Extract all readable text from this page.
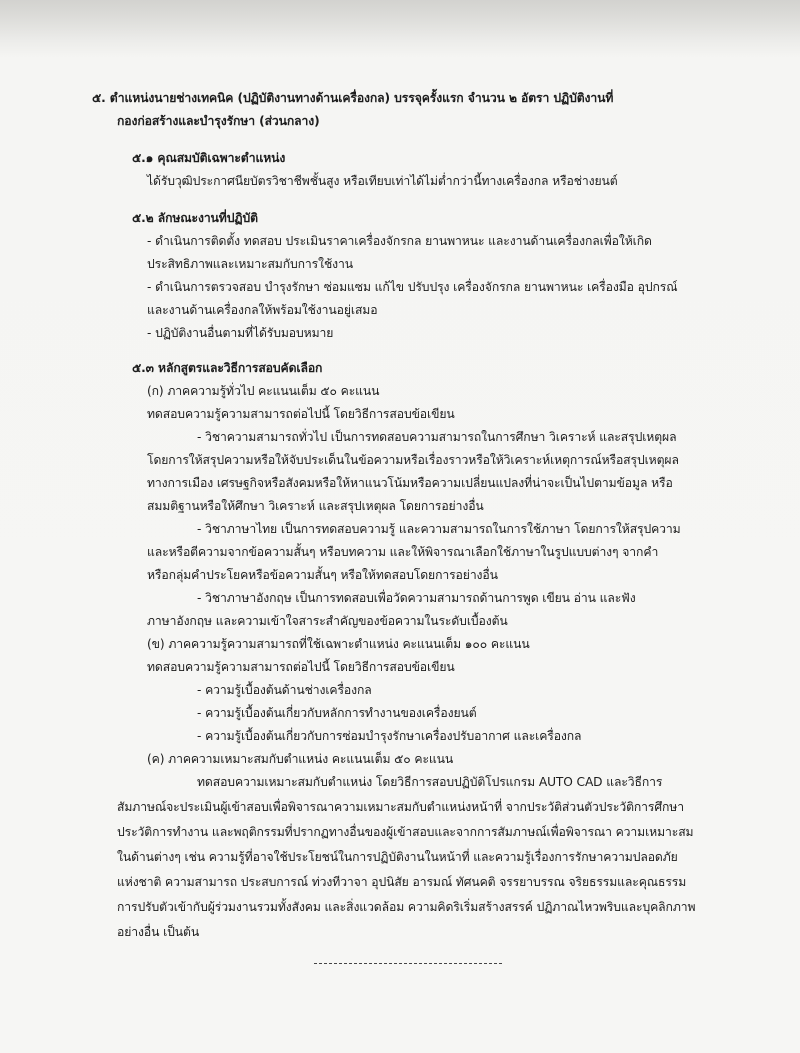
๕. ตำแหน่งนายช่างเทคนิค (ปฏิบัติงานทางด้านเครื่องกล) บรรจุครั้งแรก จำนวน ๒ อัตรา ปฏิบัติงานที่
กองก่อสร้างและบำรุงรักษา (ส่วนกลาง)
๕.๑ คุณสมบัติเฉพาะตำแหน่ง
ได้รับวุฒิประกาศนียบัตรวิชาชีพชั้นสูง หรือเทียบเท่าได้ไม่ต่ำกว่านี้ทางเครื่องกล หรือช่างยนต์
๕.๒ ลักษณะงานที่ปฏิบัติ
- ดำเนินการติดตั้ง ทดสอบ ประเมินราคาเครื่องจักรกล ยานพาหนะ และงานด้านเครื่องกลเพื่อให้เกิด
ประสิทธิภาพและเหมาะสมกับการใช้งาน
- ดำเนินการตรวจสอบ บำรุงรักษา ซ่อมแซม แก้ไข ปรับปรุง เครื่องจักรกล ยานพาหนะ เครื่องมือ อุปกรณ์
และงานด้านเครื่องกลให้พร้อมใช้งานอยู่เสมอ
- ปฏิบัติงานอื่นตามที่ได้รับมอบหมาย
๕.๓ หลักสูตรและวิธีการสอบคัดเลือก
(ก) ภาคความรู้ทั่วไป คะแนนเต็ม ๕๐ คะแนน
ทดสอบความรู้ความสามารถต่อไปนี้ โดยวิธีการสอบข้อเขียน
- วิชาความสามารถทั่วไป เป็นการทดสอบความสามารถในการศึกษา วิเคราะห์ และสรุปเหตุผล
โดยการให้สรุปความหรือให้จับประเด็นในข้อความหรือเรื่องราวหรือให้วิเคราะห์เหตุการณ์หรือสรุปเหตุผล
ทางการเมือง เศรษฐกิจหรือสังคมหรือให้หาแนวโน้มหรือความเปลี่ยนแปลงที่น่าจะเป็นไปตามข้อมูล หรือ
สมมติฐานหรือให้ศึกษา วิเคราะห์ และสรุปเหตุผล โดยการอย่างอื่น
- วิชาภาษาไทย เป็นการทดสอบความรู้ และความสามารถในการใช้ภาษา โดยการให้สรุปความ
และหรือตีความจากข้อความสั้นๆ หรือบทความ และให้พิจารณาเลือกใช้ภาษาในรูปแบบต่างๆ จากคำ
หรือกลุ่มคำประโยคหรือข้อความสั้นๆ หรือให้ทดสอบโดยการอย่างอื่น
- วิชาภาษาอังกฤษ เป็นการทดสอบเพื่อวัดความสามารถด้านการพูด เขียน อ่าน และฟัง
ภาษาอังกฤษ และความเข้าใจสาระสำคัญของข้อความในระดับเบื้องต้น
(ข) ภาคความรู้ความสามารถที่ใช้เฉพาะตำแหน่ง คะแนนเต็ม ๑๐๐ คะแนน
ทดสอบความรู้ความสามารถต่อไปนี้ โดยวิธีการสอบข้อเขียน
- ความรู้เบื้องต้นด้านช่างเครื่องกล
- ความรู้เบื้องต้นเกี่ยวกับหลักการทำงานของเครื่องยนต์
- ความรู้เบื้องต้นเกี่ยวกับการซ่อมบำรุงรักษาเครื่องปรับอากาศ และเครื่องกล
(ค) ภาคความเหมาะสมกับตำแหน่ง คะแนนเต็ม ๕๐ คะแนน
ทดสอบความเหมาะสมกับตำแหน่ง โดยวิธีการสอบปฏิบัติโปรแกรม AUTO CAD และวิธีการ
สัมภาษณ์จะประเมินผู้เข้าสอบเพื่อพิจารณาความเหมาะสมกับตำแหน่งหน้าที่ จากประวัติส่วนตัวประวัติการศึกษา
ประวัติการทำงาน และพฤติกรรมที่ปรากฏทางอื่นของผู้เข้าสอบและจากการสัมภาษณ์เพื่อพิจารณา ความเหมาะสม
ในด้านต่างๆ เช่น ความรู้ที่อาจใช้ประโยชน์ในการปฏิบัติงานในหน้าที่ และความรู้เรื่องการรักษาความปลอดภัย
แห่งชาติ ความสามารถ ประสบการณ์ ท่วงทีวาจา อุปนิสัย อารมณ์ ทัศนคติ จรรยาบรรณ จริยธรรมและคุณธรรม
การปรับตัวเข้ากับผู้ร่วมงานรวมทั้งสังคม และสิ่งแวดล้อม ความคิดริเริ่มสร้างสรรค์ ปฏิภาณไหวพริบและบุคลิกภาพ
อย่างอื่น เป็นต้น
